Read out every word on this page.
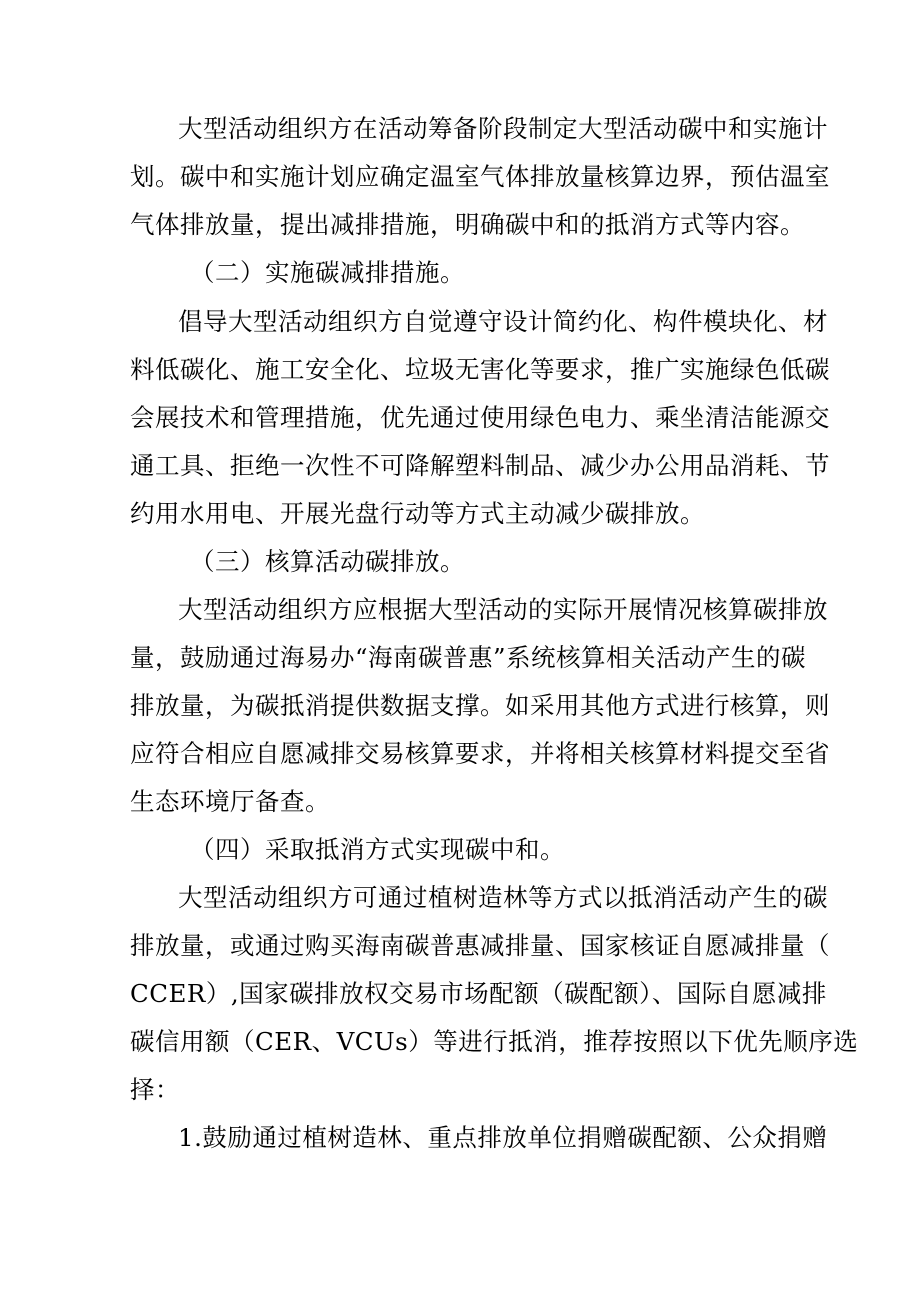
大型活动组织方在活动筹备阶段制定大型活动碳中和实施计
划。碳中和实施计划应确定温室气体排放量核算边界，预估温室
气体排放量，提出减排措施，明确碳中和的抵消方式等内容。
（二）实施碳减排措施。
倡导大型活动组织方自觉遵守设计简约化、构件模块化、材
料低碳化、施工安全化、垃圾无害化等要求，推广实施绿色低碳
会展技术和管理措施，优先通过使用绿色电力、乘坐清洁能源交
通工具、拒绝一次性不可降解塑料制品、减少办公用品消耗、节
约用水用电、开展光盘行动等方式主动减少碳排放。
（三）核算活动碳排放。
大型活动组织方应根据大型活动的实际开展情况核算碳排放
量，鼓励通过海易办“海南碳普惠”系统核算相关活动产生的碳
排放量，为碳抵消提供数据支撑。如采用其他方式进行核算，则
应符合相应自愿减排交易核算要求，并将相关核算材料提交至省
生态环境厅备查。
（四）采取抵消方式实现碳中和。
大型活动组织方可通过植树造林等方式以抵消活动产生的碳
排放量，或通过购买海南碳普惠减排量、国家核证自愿减排量（
CCER）,国家碳排放权交易市场配额（碳配额）、国际自愿减排
碳信用额（CER、VCUs）等进行抵消，推荐按照以下优先顺序选
择：
1.鼓励通过植树造林、重点排放单位捐赠碳配额、公众捐赠
